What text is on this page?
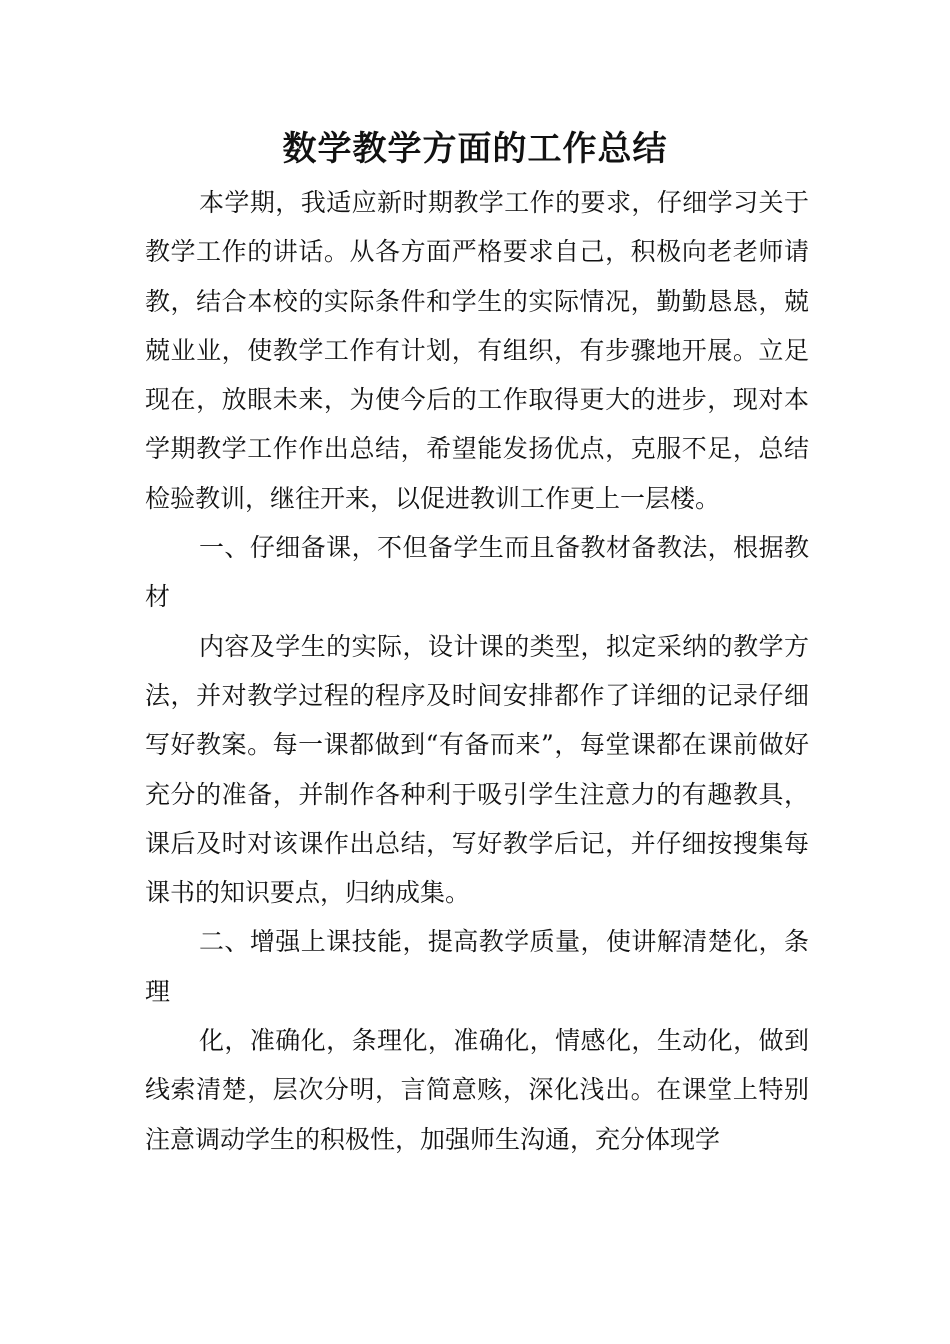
数学教学方面的工作总结

本学期，我适应新时期教学工作的要求，仔细学习关于教学工作的讲话。从各方面严格要求自己，积极向老老师请教，结合本校的实际条件和学生的实际情况，勤勤恳恳，兢兢业业，使教学工作有计划，有组织，有步骤地开展。立足现在，放眼未来，为使今后的工作取得更大的进步，现对本学期教学工作作出总结，希望能发扬优点，克服不足，总结检验教训，继往开来，以促进教训工作更上一层楼。

一、仔细备课，不但备学生而且备教材备教法，根据教材

内容及学生的实际，设计课的类型，拟定采纳的教学方法，并对教学过程的程序及时间安排都作了详细的记录仔细写好教案。每一课都做到“有备而来”，每堂课都在课前做好充分的准备，并制作各种利于吸引学生注意力的有趣教具，课后及时对该课作出总结，写好教学后记，并仔细按搜集每课书的知识要点，归纳成集。

二、增强上课技能，提高教学质量，使讲解清楚化，条理

化，准确化，条理化，准确化，情感化，生动化，做到线索清楚，层次分明，言简意赅，深化浅出。在课堂上特别注意调动学生的积极性，加强师生沟通，充分体现学
